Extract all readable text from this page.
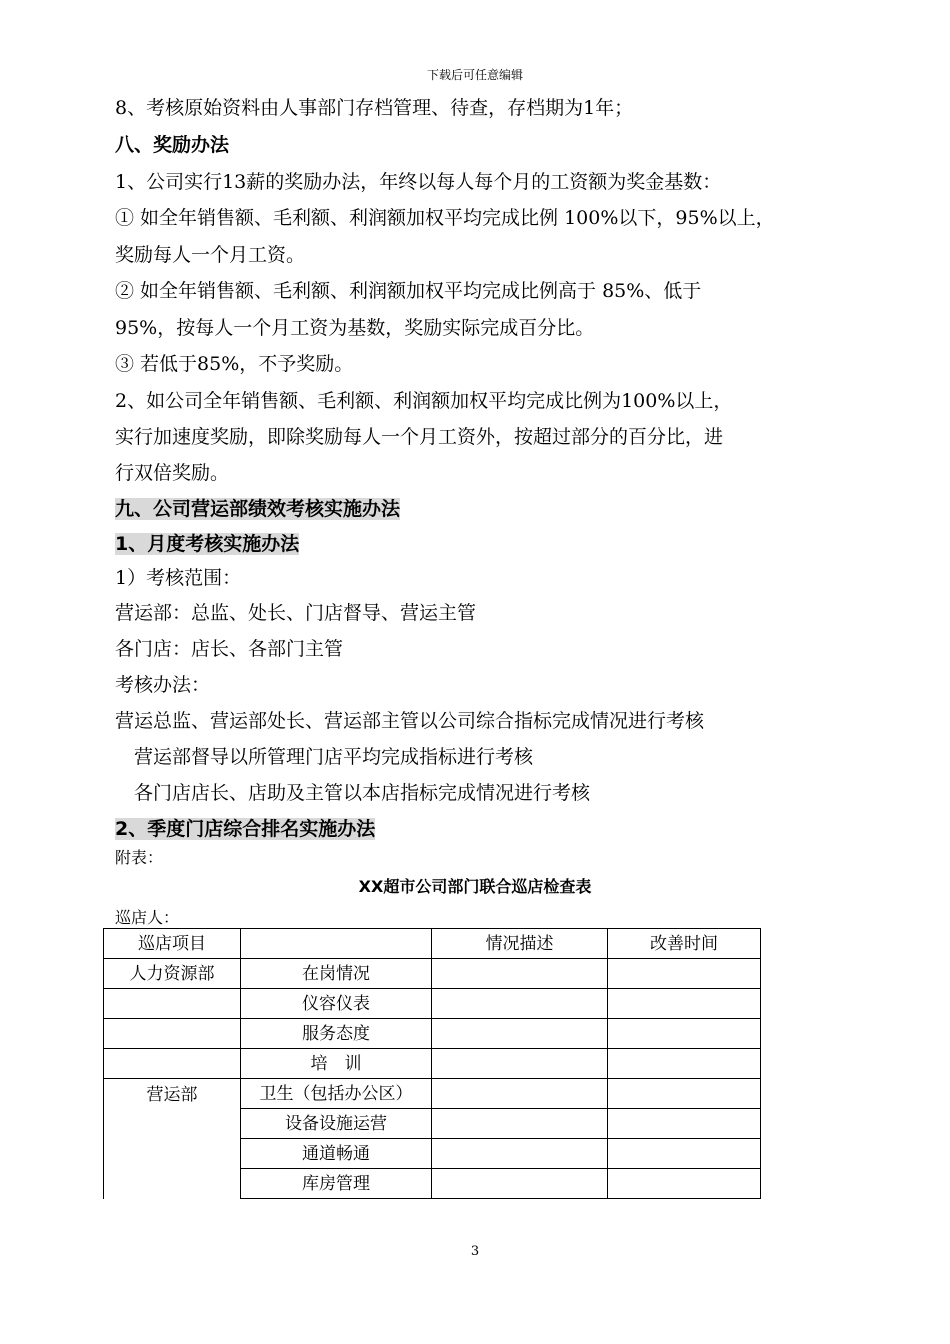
下载后可任意编辑
8、考核原始资料由人事部门存档管理、待查，存档期为1年；
八、奖励办法
1、公司实行13薪的奖励办法，年终以每人每个月的工资额为奖金基数：
① 如全年销售额、毛利额、利润额加权平均完成比例 100%以下，95%以上，
奖励每人一个月工资。
② 如全年销售额、毛利额、利润额加权平均完成比例高于 85%、低于
95%，按每人一个月工资为基数，奖励实际完成百分比。
③ 若低于85%，不予奖励。
2、如公司全年销售额、毛利额、利润额加权平均完成比例为100%以上，
实行加速度奖励，即除奖励每人一个月工资外，按超过部分的百分比，进
行双倍奖励。
九、公司营运部绩效考核实施办法
1、月度考核实施办法
1）考核范围：
营运部：总监、处长、门店督导、营运主管
各门店：店长、各部门主管
考核办法：
营运总监、营运部处长、营运部主管以公司综合指标完成情况进行考核
　营运部督导以所管理门店平均完成指标进行考核
　各门店店长、店助及主管以本店指标完成情况进行考核
2、季度门店综合排名实施办法
附表：
XX超市公司部门联合巡店检查表
巡店人：
巡店项目		情况描述	改善时间
人力资源部	在岗情况		
	仪容仪表		
	服务态度		
	培　训		
营运部	卫生（包括办公区）		
	设备设施运营		
	通道畅通		
	库房管理		
3
